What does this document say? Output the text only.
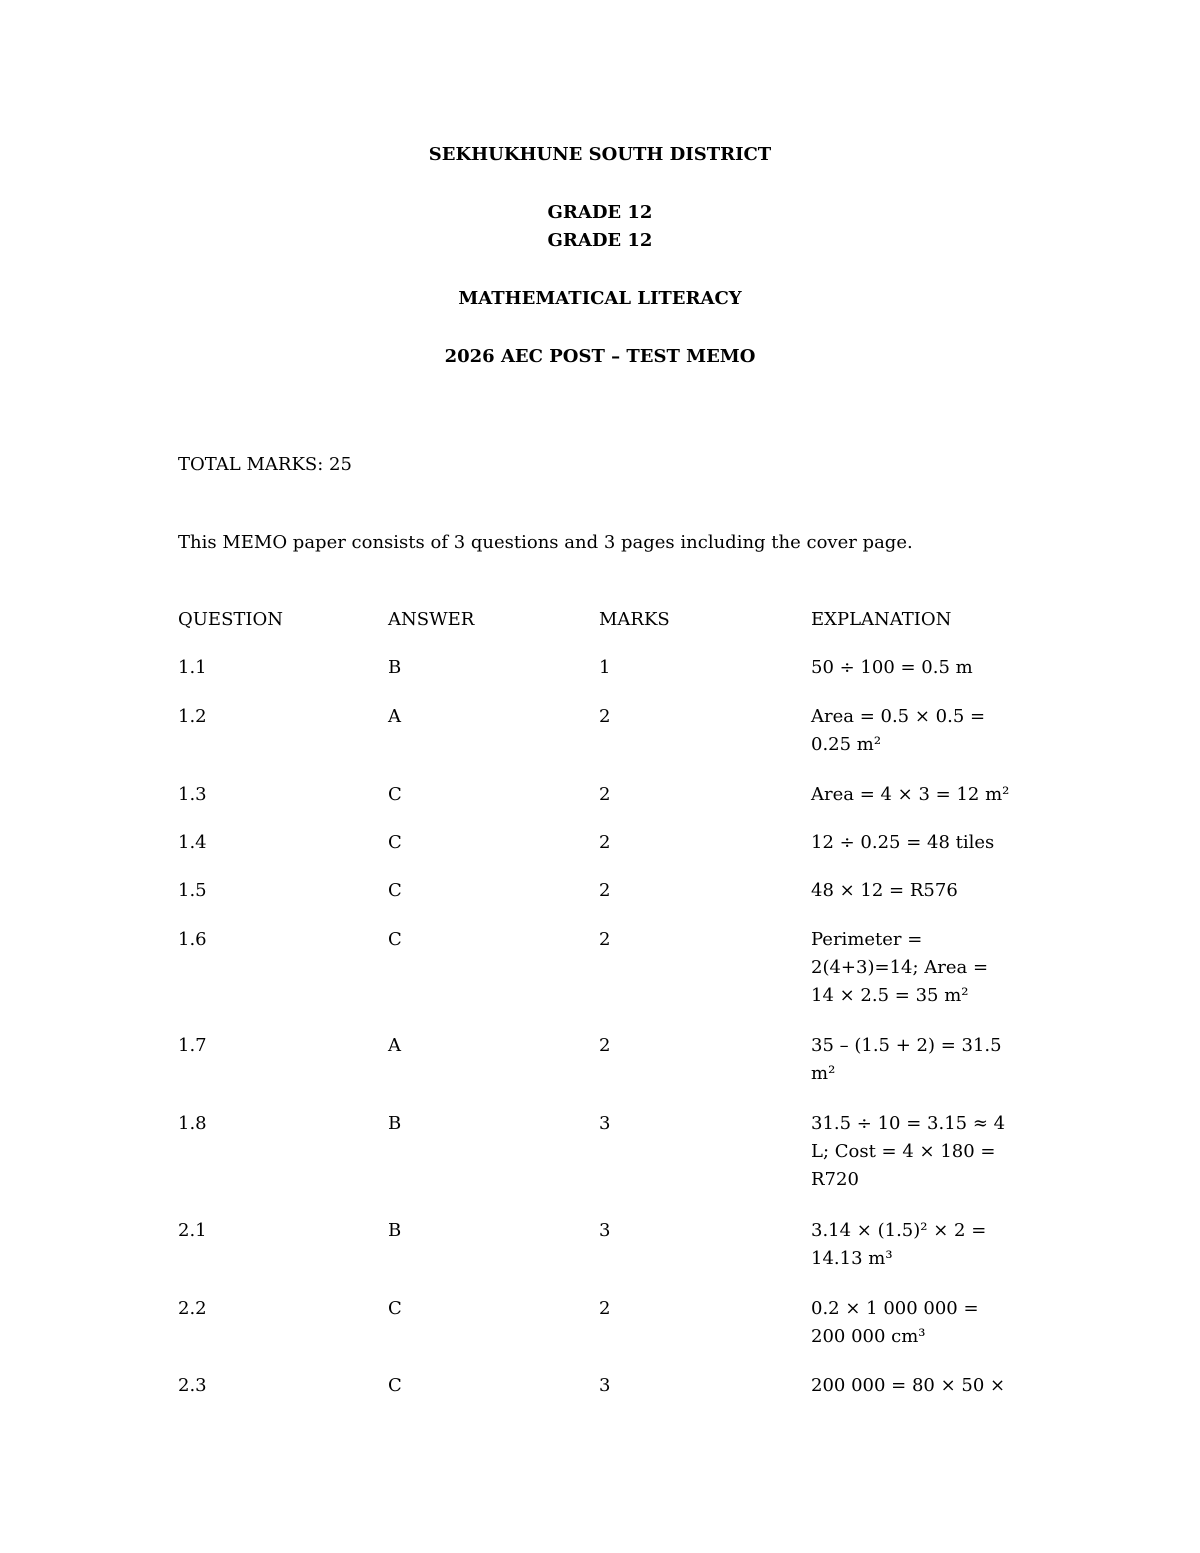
SEKHUKHUNE SOUTH DISTRICT
GRADE 12
GRADE 12
MATHEMATICAL LITERACY
2026 AEC POST – TEST MEMO
TOTAL MARKS: 25
This MEMO paper consists of 3 questions and 3 pages including the cover page.
QUESTION	ANSWER	MARKS	EXPLANATION
1.1	B	1	50 ÷ 100 = 0.5 m
1.2	A	2	Area = 0.5 × 0.5 =
0.25 m²
1.3	C	2	Area = 4 × 3 = 12 m²
1.4	C	2	12 ÷ 0.25 = 48 tiles
1.5	C	2	48 × 12 = R576
1.6	C	2	Perimeter =
2(4+3)=14; Area =
14 × 2.5 = 35 m²
1.7	A	2	35 – (1.5 + 2) = 31.5
m²
1.8	B	3	31.5 ÷ 10 = 3.15 ≈ 4
L; Cost = 4 × 180 =
R720
2.1	B	3	3.14 × (1.5)² × 2 =
14.13 m³
2.2	C	2	0.2 × 1 000 000 =
200 000 cm³
2.3	C	3	200 000 = 80 × 50 ×
